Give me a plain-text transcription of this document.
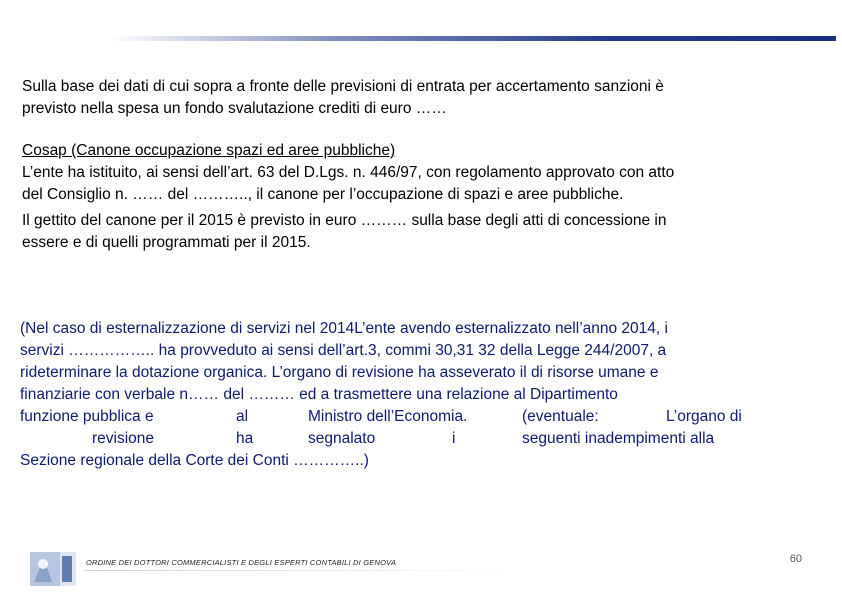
Sulla base dei dati di cui sopra a fronte delle previsioni di entrata per accertamento sanzioni è
previsto nella spesa un fondo svalutazione crediti di euro ……
Cosap (Canone occupazione spazi ed aree pubbliche)
L’ente ha istituito, ai sensi dell’art. 63 del D.Lgs. n. 446/97, con regolamento approvato con atto
del Consiglio n. …… del ……….., il canone per l’occupazione di spazi e aree pubbliche.
Il gettito del canone per il 2015 è previsto in euro ……… sulla base degli atti di concessione in
essere e di quelli programmati per il 2015.
(Nel caso di esternalizzazione di servizi nel 2014L’ente avendo esternalizzato nell’anno 2014, i
servizi …………….. ha provveduto ai sensi dell’art.3, commi 30,31 32 della Legge 244/2007, a
rideterminare la dotazione organica. L’organo di revisione ha asseverato il di risorse umane e
finanziarie con verbale n…… del ……… ed a trasmettere una relazione al Dipartimento
funzione pubblica e	al	Ministro dell’Economia.	(eventuale:	L’organo di
revisione	ha	segnalato	i	seguenti inadempimenti alla
Sezione regionale della Corte dei Conti …………..)
ORDINE DEI DOTTORI COMMERCIALISTI E DEGLI ESPERTI CONTABILI DI GENOVA	60
